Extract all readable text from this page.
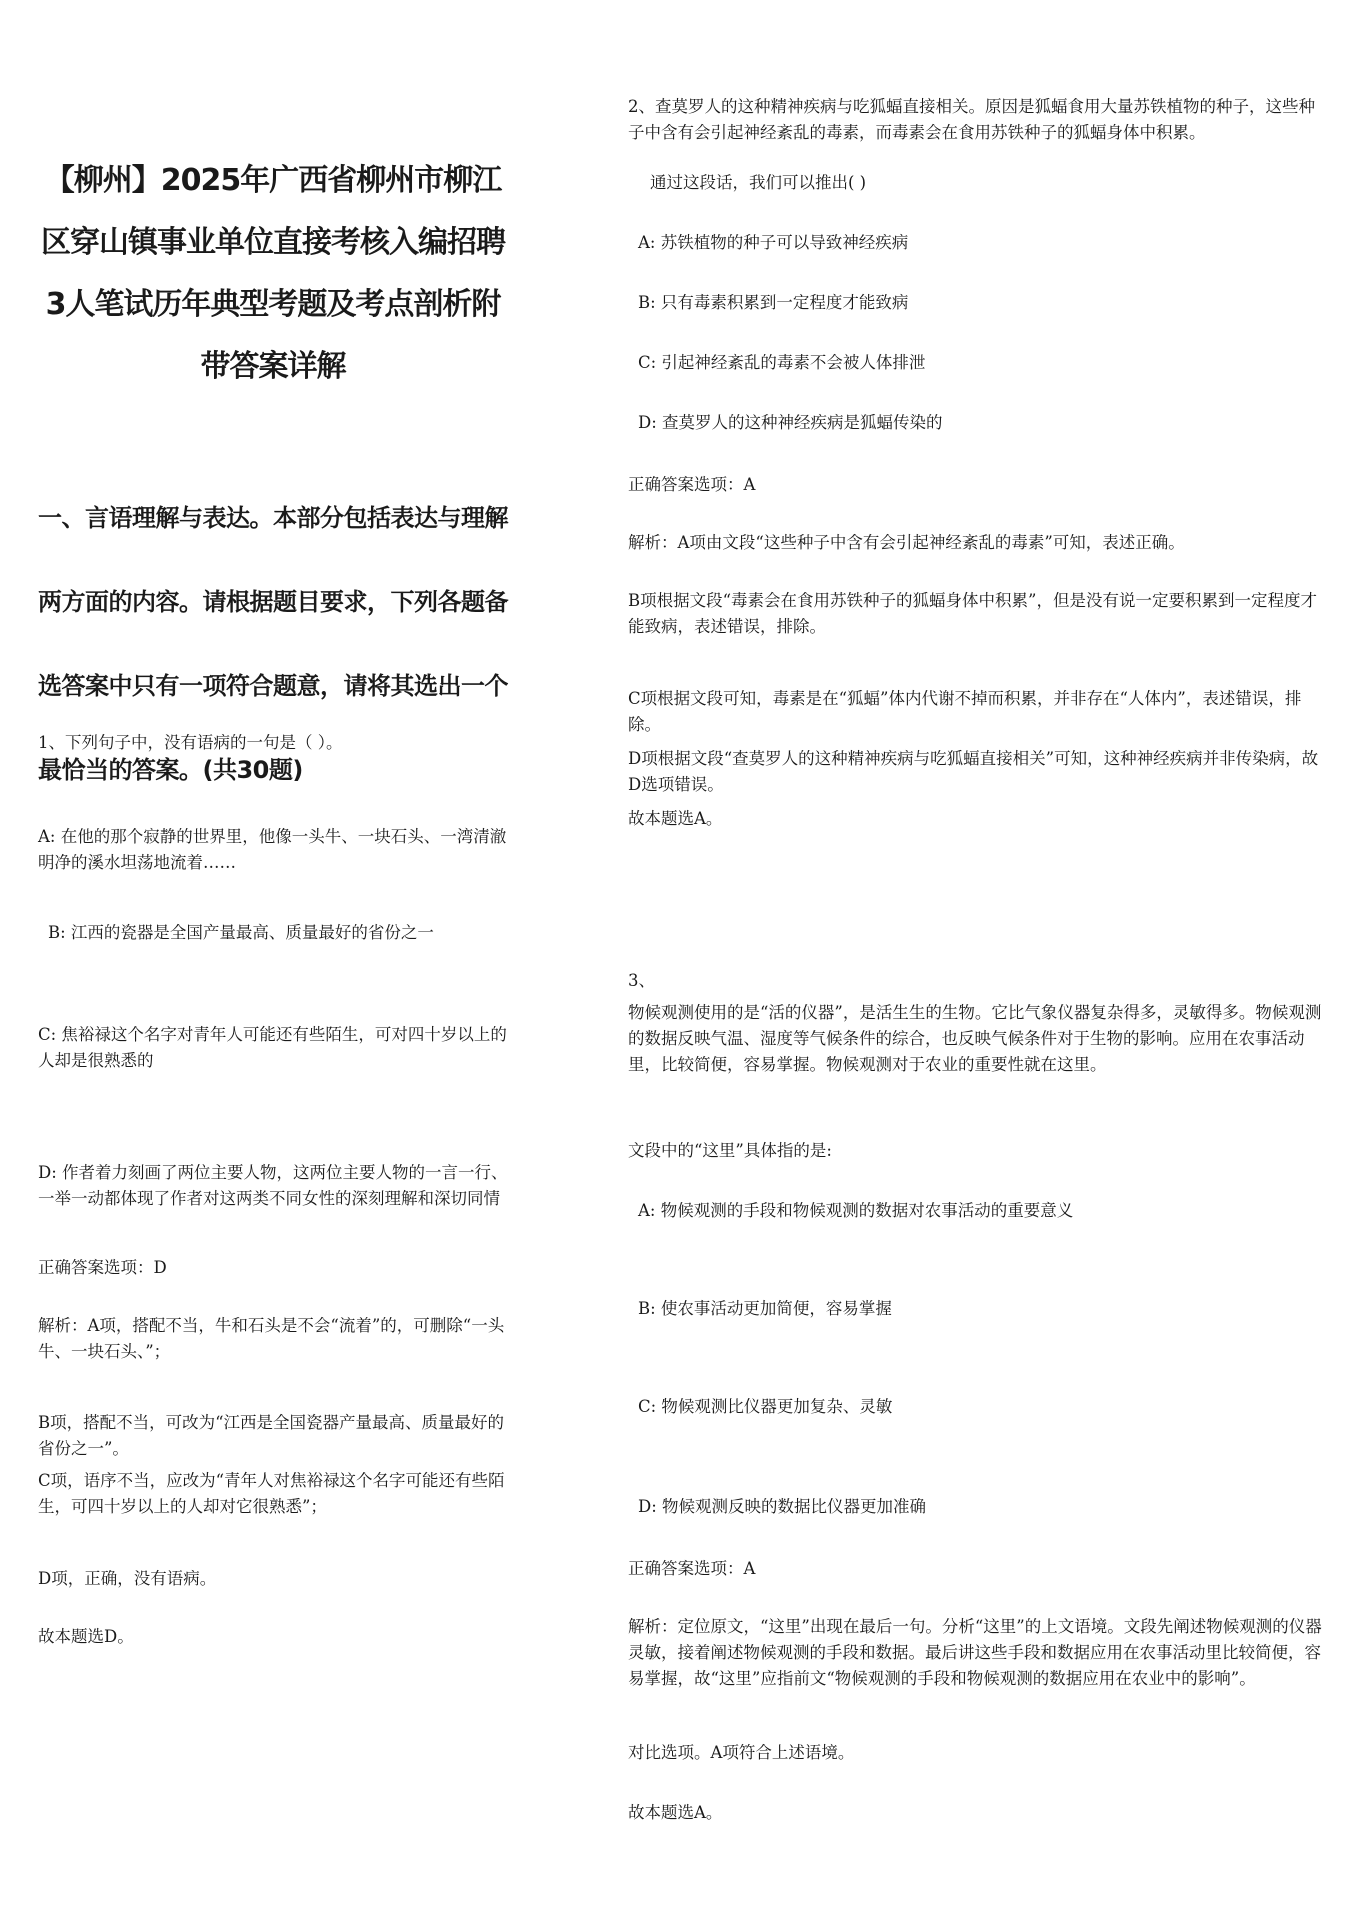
【柳州】2025年广西省柳州市柳江区穿山镇事业单位直接考核入编招聘3人笔试历年典型考题及考点剖析附带答案详解
一、言语理解与表达。本部分包括表达与理解两方面的内容。请根据题目要求，下列各题备选答案中只有一项符合题意，请将其选出一个最恰当的答案。(共30题)

1、下列句子中，没有语病的一句是（ ）。

A: 在他的那个寂静的世界里，他像一头牛、一块石头、一湾清澈明净的溪水坦荡地流着……

B: 江西的瓷器是全国产量最高、质量最好的省份之一

C: 焦裕禄这个名字对青年人可能还有些陌生，可对四十岁以上的人却是很熟悉的

D: 作者着力刻画了两位主要人物，这两位主要人物的一言一行、一举一动都体现了作者对这两类不同女性的深刻理解和深切同情

正确答案选项：D

解析：A项，搭配不当，牛和石头是不会“流着”的，可删除“一头牛、一块石头、”；

B项，搭配不当，可改为“江西是全国瓷器产量最高、质量最好的省份之一”。

C项，语序不当，应改为“青年人对焦裕禄这个名字可能还有些陌生，可四十岁以上的人却对它很熟悉”；

D项，正确，没有语病。

故本题选D。

2、查莫罗人的这种精神疾病与吃狐蝠直接相关。原因是狐蝠食用大量苏铁植物的种子，这些种子中含有会引起神经紊乱的毒素，而毒素会在食用苏铁种子的狐蝠身体中积累。

通过这段话，我们可以推出( )

A: 苏铁植物的种子可以导致神经疾病

B: 只有毒素积累到一定程度才能致病

C: 引起神经紊乱的毒素不会被人体排泄

D: 查莫罗人的这种神经疾病是狐蝠传染的

正确答案选项：A

解析：A项由文段“这些种子中含有会引起神经紊乱的毒素”可知，表述正确。

B项根据文段“毒素会在食用苏铁种子的狐蝠身体中积累”，但是没有说一定要积累到一定程度才能致病，表述错误，排除。

C项根据文段可知，毒素是在“狐蝠”体内代谢不掉而积累，并非存在“人体内”，表述错误，排除。

D项根据文段“查莫罗人的这种精神疾病与吃狐蝠直接相关”可知，这种神经疾病并非传染病，故D选项错误。

故本题选A。

3、

物候观测使用的是“活的仪器”，是活生生的生物。它比气象仪器复杂得多，灵敏得多。物候观测的数据反映气温、湿度等气候条件的综合，也反映气候条件对于生物的影响。应用在农事活动里，比较简便，容易掌握。物候观测对于农业的重要性就在这里。

文段中的“这里”具体指的是:

A: 物候观测的手段和物候观测的数据对农事活动的重要意义

B: 使农事活动更加简便，容易掌握

C: 物候观测比仪器更加复杂、灵敏

D: 物候观测反映的数据比仪器更加准确

正确答案选项：A

解析：定位原文，“这里”出现在最后一句。分析“这里”的上文语境。文段先阐述物候观测的仪器灵敏，接着阐述物候观测的手段和数据。最后讲这些手段和数据应用在农事活动里比较简便，容易掌握，故“这里”应指前文“物候观测的手段和物候观测的数据应用在农业中的影响”。

对比选项。A项符合上述语境。

故本题选A。
